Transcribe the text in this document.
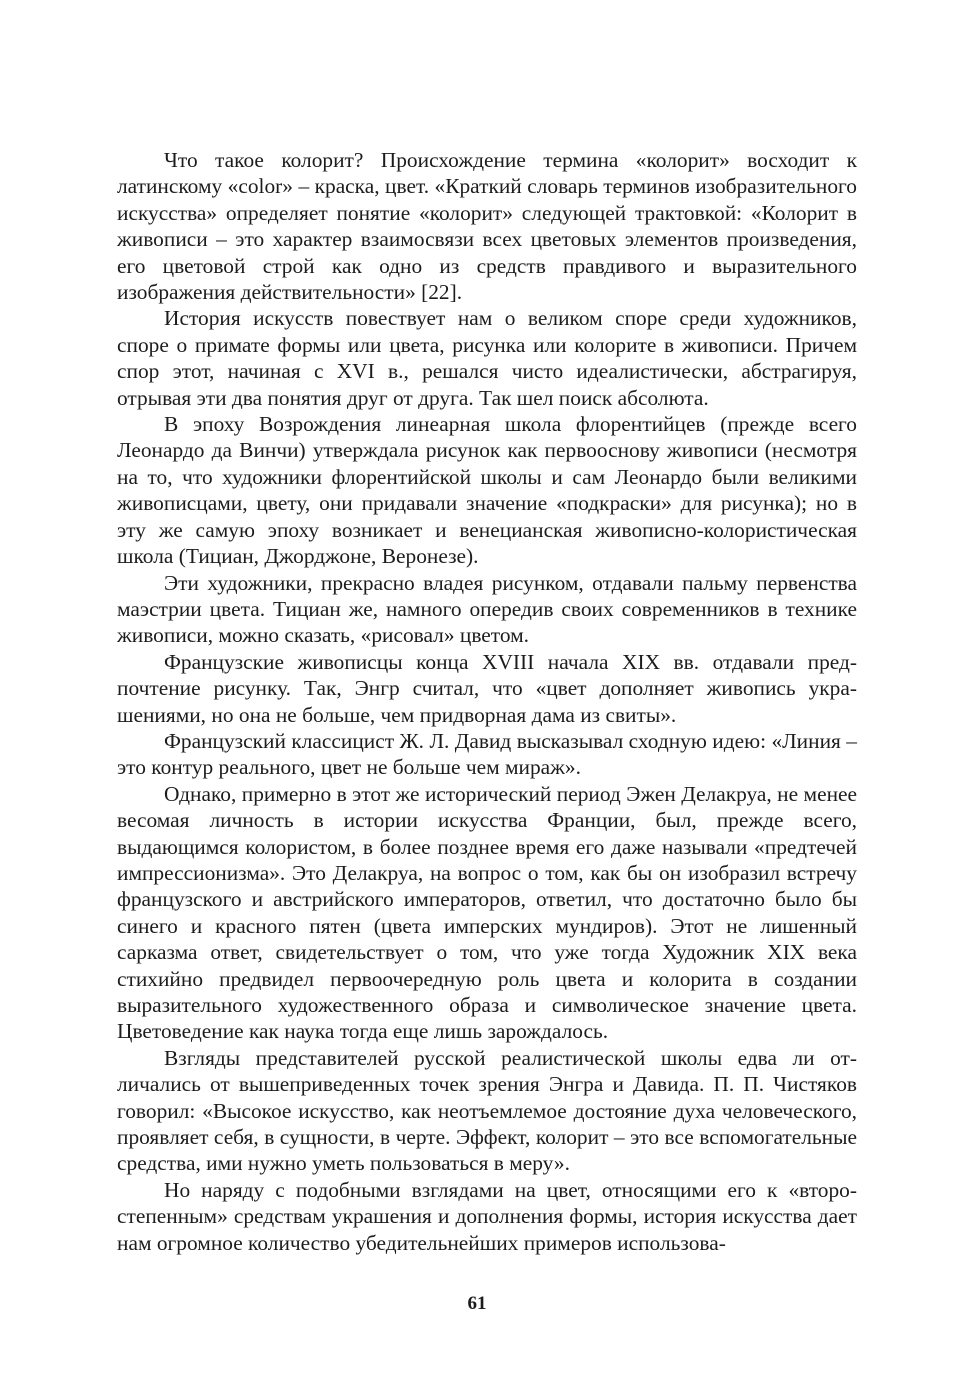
Что такое колорит? Происхождение термина «колорит» восходит к латинскому «color» – краска, цвет. «Краткий словарь терминов изобразительного искусства» определяет понятие «колорит» следующей трактовкой: «Колорит в живописи – это характер взаимосвязи всех цветовых элементов произведения, его цветовой строй как одно из средств правдивого и выразительного изображения действительности» [22].

История искусств повествует нам о великом споре среди художников, споре о примате формы или цвета, рисунка или колорите в живописи. Причем спор этот, начиная с XVI в., решался чисто идеалистически, абстрагируя, отрывая эти два понятия друг от друга. Так шел поиск абсолюта.

В эпоху Возрождения линеарная школа флорентийцев (прежде всего Леонардо да Винчи) утверждала рисунок как первооснову живописи (несмотря на то, что художники флорентийской школы и сам Леонардо были великими живописцами, цвету, они придавали значение «подкраски» для рисунка); но в эту же самую эпоху возникает и венецианская живописно-колористическая школа (Тициан, Джорджоне, Веронезе).

Эти художники, прекрасно владея рисунком, отдавали пальму первенства маэстрии цвета. Тициан же, намного опередив своих современников в технике живописи, можно сказать, «рисовал» цветом.

Французские живописцы конца XVIII начала XIX вв. отдавали предпочтение рисунку. Так, Энгр считал, что «цвет дополняет живопись украшениями, но она не больше, чем придворная дама из свиты».

Французский классицист Ж. Л. Давид высказывал сходную идею: «Линия – это контур реального, цвет не больше чем мираж».

Однако, примерно в этот же исторический период Эжен Делакруа, не менее весомая личность в истории искусства Франции, был, прежде всего, выдающимся колористом, в более позднее время его даже называли «предтечей импрессионизма». Это Делакруа, на вопрос о том, как бы он изобразил встречу французского и австрийского императоров, ответил, что достаточно было бы синего и красного пятен (цвета имперских мундиров). Этот не лишенный сарказма ответ, свидетельствует о том, что уже тогда Художник XIX века стихийно предвидел первоочередную роль цвета и колорита в создании выразительного художественного образа и символическое значение цвета. Цветоведение как наука тогда еще лишь зарождалось.

Взгляды представителей русской реалистической школы едва ли отличались от вышеприведенных точек зрения Энгра и Давида. П. П. Чистяков говорил: «Высокое искусство, как неотъемлемое достояние духа человеческого, проявляет себя, в сущности, в черте. Эффект, колорит – это все вспомогательные средства, ими нужно уметь пользоваться в меру».

Но наряду с подобными взглядами на цвет, относящими его к «второстепенным» средствам украшения и дополнения формы, история искусства дает нам огромное количество убедительнейших примеров использова-

61
